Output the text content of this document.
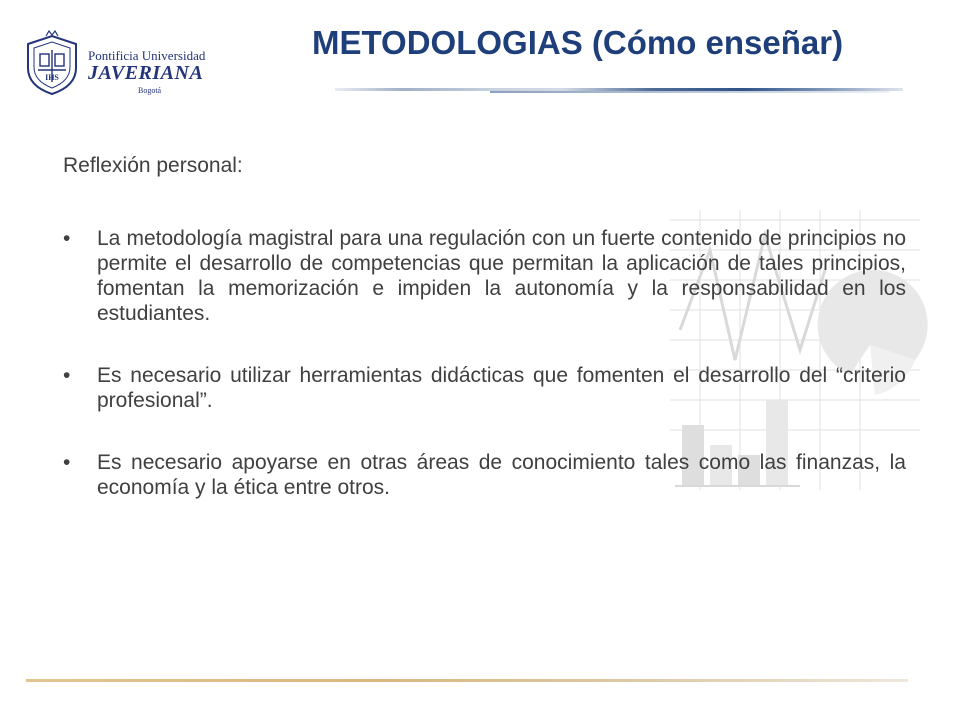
IHS
Pontificia Universidad
JAVERIANA
Bogotá
METODOLOGIAS (Cómo enseñar)

Reflexión personal:

• La metodología magistral para una regulación con un fuerte contenido de principios no permite el desarrollo de competencias que permitan la aplicación de tales principios, fomentan la memorización e impiden la autonomía y la responsabilidad en los estudiantes.
• Es necesario utilizar herramientas didácticas que fomenten el desarrollo del “criterio profesional”.
• Es necesario apoyarse en otras áreas de conocimiento tales como las finanzas, la economía y la ética entre otros.
